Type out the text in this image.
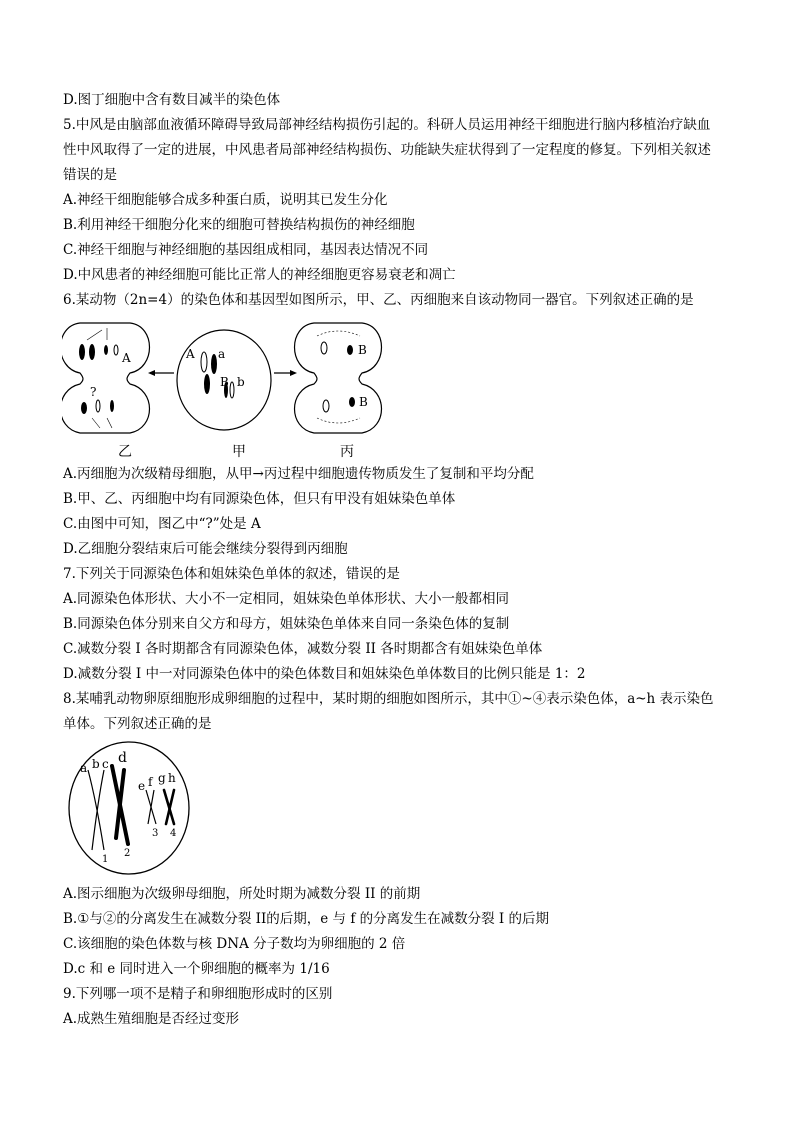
D.图丁细胞中含有数目减半的染色体
5.中风是由脑部血液循环障碍导致局部神经结构损伤引起的。科研人员运用神经干细胞进行脑内移植治疗缺血
性中风取得了一定的进展，中风患者局部神经结构损伤、功能缺失症状得到了一定程度的修复。下列相关叙述
错误的是
A.神经干细胞能够合成多种蛋白质，说明其已发生分化
B.利用神经干细胞分化来的细胞可替换结构损伤的神经细胞
C.神经干细胞与神经细胞的基因组成相同，基因表达情况不同
D.中风患者的神经细胞可能比正常人的神经细胞更容易衰老和凋亡
6.某动物（2n=4）的染色体和基因型如图所示，甲、乙、丙细胞来自该动物同一器官。下列叙述正确的是
A
?
A a
B b
B
B
乙	甲	丙
A.丙细胞为次级精母细胞，从甲→丙过程中细胞遗传物质发生了复制和平均分配
B.甲、乙、丙细胞中均有同源染色体，但只有甲没有姐妹染色单体
C.由图中可知，图乙中“?”处是 A
D.乙细胞分裂结束后可能会继续分裂得到丙细胞
7.下列关于同源染色体和姐妹染色单体的叙述，错误的是
A.同源染色体形状、大小不一定相同，姐妹染色单体形状、大小一般都相同
B.同源染色体分别来自父方和母方，姐妹染色单体来自同一条染色体的复制
C.减数分裂 I 各时期都含有同源染色体，减数分裂 II 各时期都含有姐妹染色单体
D.减数分裂 I 中一对同源染色体中的染色体数目和姐妹染色单体数目的比例只能是 1：2
8.某哺乳动物卵原细胞形成卵细胞的过程中，某时期的细胞如图所示，其中①~④表示染色体，a~h 表示染色
单体。下列叙述正确的是
a b c d
e f g h
1
2
3 4
A.图示细胞为次级卵母细胞，所处时期为减数分裂 II 的前期
B.①与②的分离发生在减数分裂 II的后期，e 与 f 的分离发生在减数分裂 I 的后期
C.该细胞的染色体数与核 DNA 分子数均为卵细胞的 2 倍
D.c 和 e 同时进入一个卵细胞的概率为 1/16
9.下列哪一项不是精子和卵细胞形成时的区别
A.成熟生殖细胞是否经过变形
